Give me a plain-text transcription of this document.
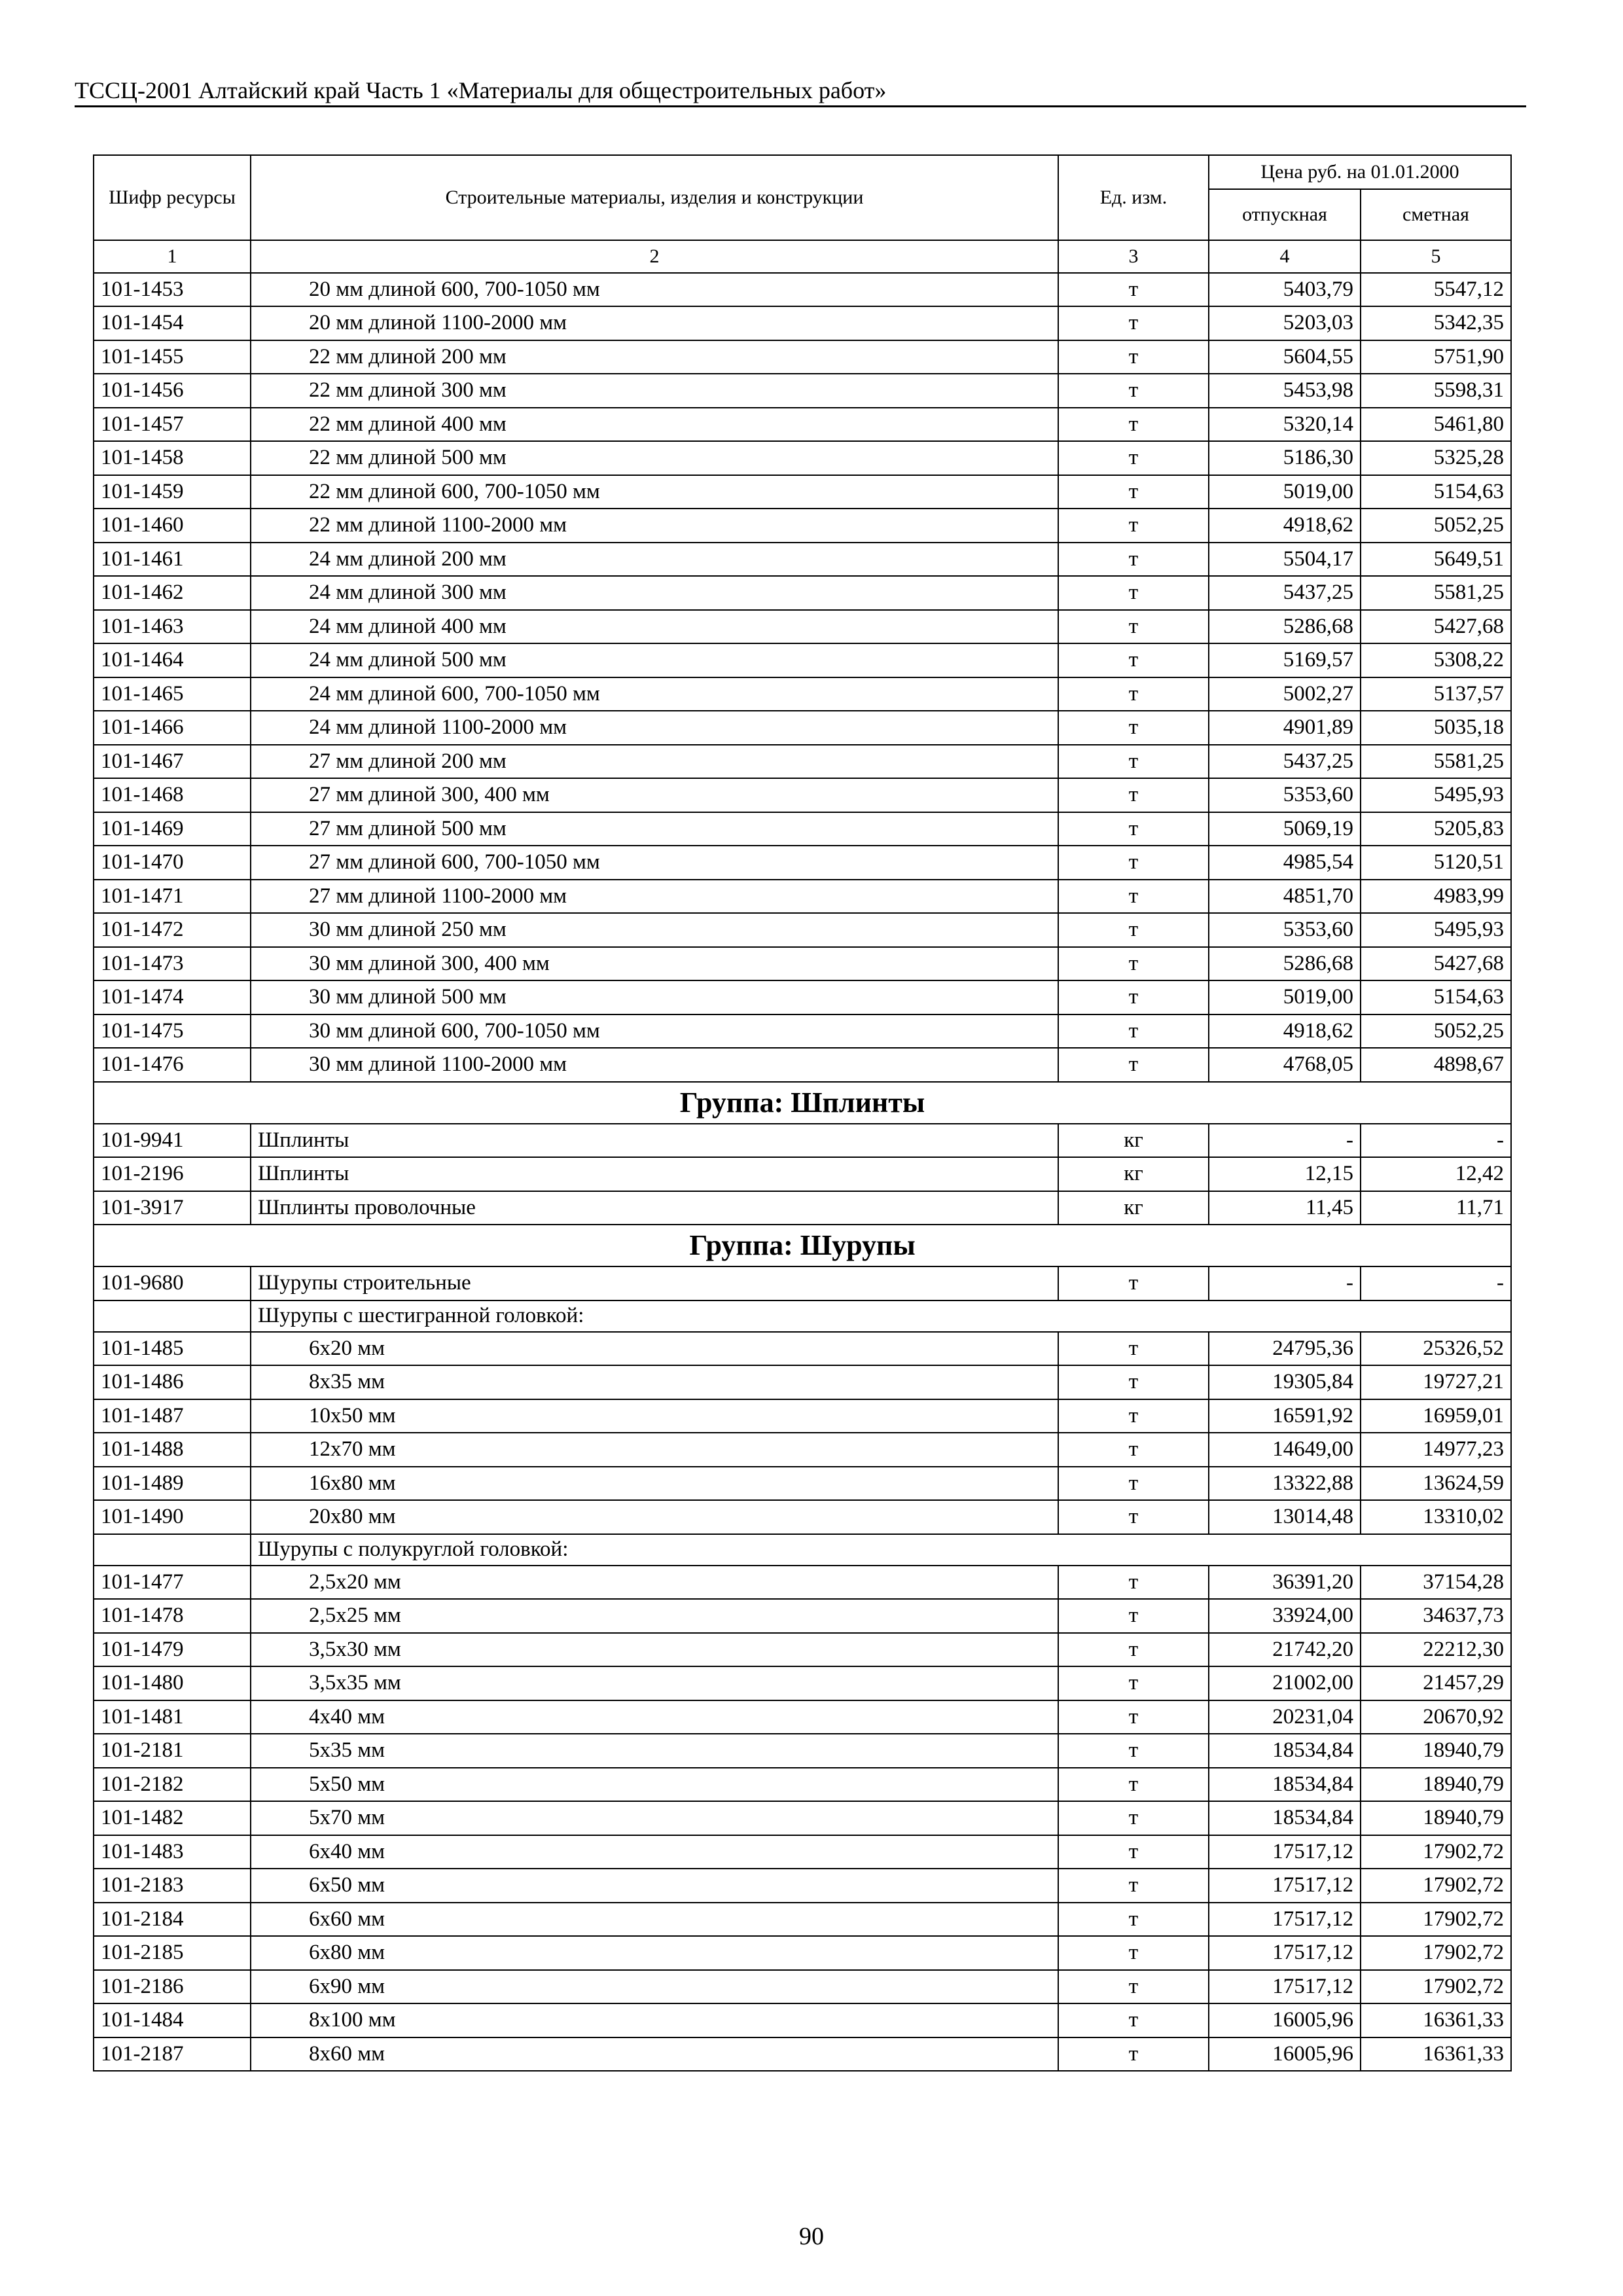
ТССЦ-2001 Алтайский край Часть 1 «Материалы для общестроительных работ»
Шифр ресурсы	Строительные материалы, изделия и конструкции	Ед. изм.	Цена руб. на 01.01.2000	
			отпускная	сметная
1	2	3	4	5
101-1453	20 мм длиной 600, 700-1050 мм	т	5403,79	5547,12
101-1454	20 мм длиной 1100-2000 мм	т	5203,03	5342,35
101-1455	22 мм длиной 200 мм	т	5604,55	5751,90
101-1456	22 мм длиной 300 мм	т	5453,98	5598,31
101-1457	22 мм длиной 400 мм	т	5320,14	5461,80
101-1458	22 мм длиной 500 мм	т	5186,30	5325,28
101-1459	22 мм длиной 600, 700-1050 мм	т	5019,00	5154,63
101-1460	22 мм длиной 1100-2000 мм	т	4918,62	5052,25
101-1461	24 мм длиной 200 мм	т	5504,17	5649,51
101-1462	24 мм длиной 300 мм	т	5437,25	5581,25
101-1463	24 мм длиной 400 мм	т	5286,68	5427,68
101-1464	24 мм длиной 500 мм	т	5169,57	5308,22
101-1465	24 мм длиной 600, 700-1050 мм	т	5002,27	5137,57
101-1466	24 мм длиной 1100-2000 мм	т	4901,89	5035,18
101-1467	27 мм длиной 200 мм	т	5437,25	5581,25
101-1468	27 мм длиной 300, 400 мм	т	5353,60	5495,93
101-1469	27 мм длиной 500 мм	т	5069,19	5205,83
101-1470	27 мм длиной 600, 700-1050 мм	т	4985,54	5120,51
101-1471	27 мм длиной 1100-2000 мм	т	4851,70	4983,99
101-1472	30 мм длиной 250 мм	т	5353,60	5495,93
101-1473	30 мм длиной 300, 400 мм	т	5286,68	5427,68
101-1474	30 мм длиной 500 мм	т	5019,00	5154,63
101-1475	30 мм длиной 600, 700-1050 мм	т	4918,62	5052,25
101-1476	30 мм длиной 1100-2000 мм	т	4768,05	4898,67
Группа: Шплинты				
101-9941	Шплинты	кг	-	-
101-2196	Шплинты	кг	12,15	12,42
101-3917	Шплинты проволочные	кг	11,45	11,71
Группа: Шурупы				
101-9680	Шурупы строительные	т	-	-
	Шурупы с шестигранной головкой:			
101-1485	6х20 мм	т	24795,36	25326,52
101-1486	8х35 мм	т	19305,84	19727,21
101-1487	10х50 мм	т	16591,92	16959,01
101-1488	12х70 мм	т	14649,00	14977,23
101-1489	16х80 мм	т	13322,88	13624,59
101-1490	20х80 мм	т	13014,48	13310,02
	Шурупы с полукруглой головкой:			
101-1477	2,5х20 мм	т	36391,20	37154,28
101-1478	2,5х25 мм	т	33924,00	34637,73
101-1479	3,5х30 мм	т	21742,20	22212,30
101-1480	3,5х35 мм	т	21002,00	21457,29
101-1481	4х40 мм	т	20231,04	20670,92
101-2181	5х35 мм	т	18534,84	18940,79
101-2182	5х50 мм	т	18534,84	18940,79
101-1482	5х70 мм	т	18534,84	18940,79
101-1483	6х40 мм	т	17517,12	17902,72
101-2183	6х50 мм	т	17517,12	17902,72
101-2184	6х60 мм	т	17517,12	17902,72
101-2185	6х80 мм	т	17517,12	17902,72
101-2186	6х90 мм	т	17517,12	17902,72
101-1484	8х100 мм	т	16005,96	16361,33
101-2187	8х60 мм	т	16005,96	16361,33
90
